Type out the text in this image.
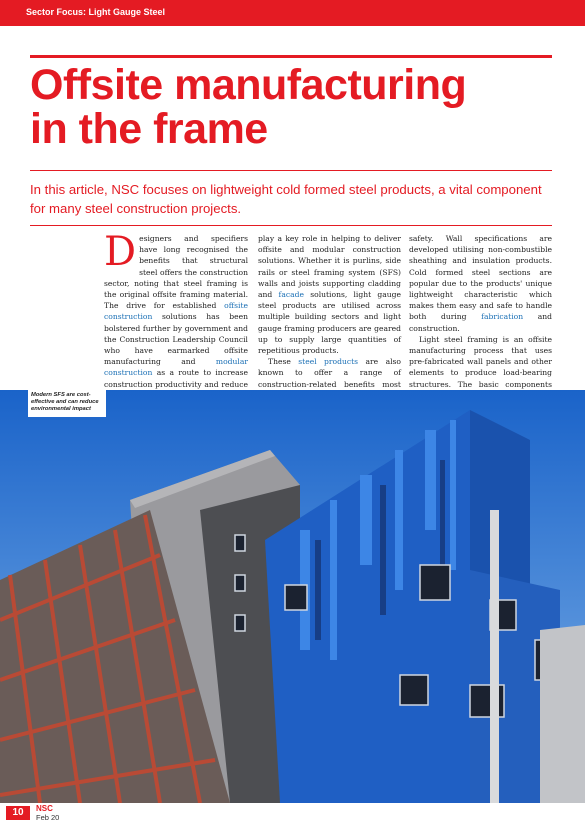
Sector Focus: Light Gauge Steel
Offsite manufacturing
in the frame

In this article, NSC focuses on lightweight cold formed steel products, a vital component for many steel construction projects.

D esigners and specifiers have long recognised the benefits that structural steel offers the construction sector, noting that steel framing is the original offsite framing material. The drive for established offsite construction solutions has been bolstered further by government and the Construction Leadership Council who have earmarked offsite manufacturing and modular construction as a route to increase construction productivity and reduce

play a key role in helping to deliver offsite and modular construction solutions. Whether it is purlins, side rails or steel framing system (SFS) walls and joists supporting cladding and facade solutions, light gauge steel products are utilised across multiple building sectors and light gauge framing producers are geared up to supply large quantities of repetitious products.

These steel products are also known to offer a range of construction-related benefits most

safety. Wall specifications are developed utilising non-combustible sheathing and insulation products. Cold formed steel sections are popular due to the products' unique lightweight characteristic which makes them easy and safe to handle both during fabrication and construction.

Light steel framing is an offsite manufacturing process that uses pre-fabricated wall panels and other elements to produce load-bearing structures. The basic components

Modern SFS are cost-effective and can reduce environmental impact
10	NSC
Feb 20
